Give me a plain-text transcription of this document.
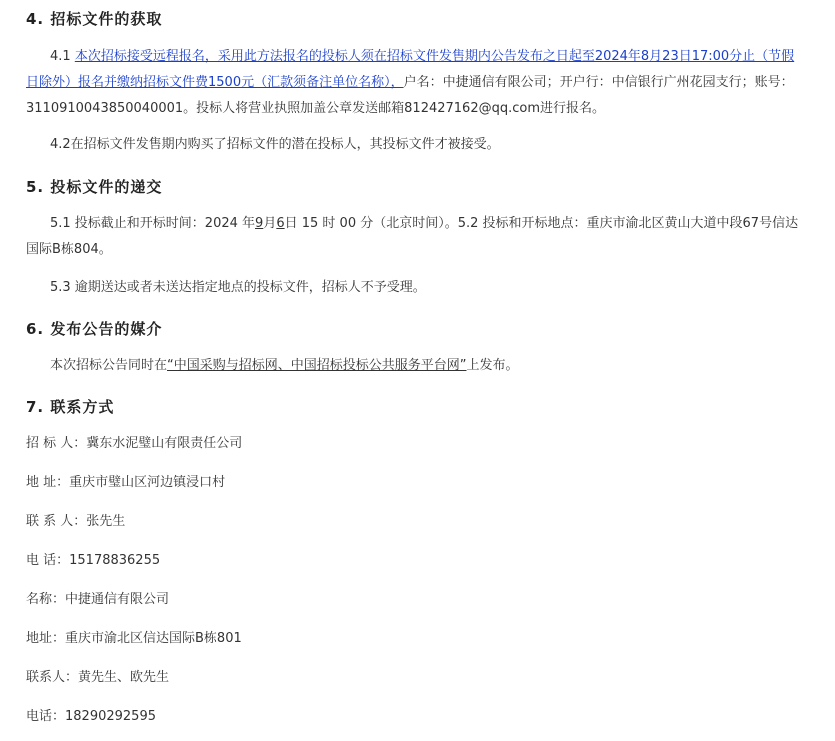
4. 招标文件的获取

4.1 本次招标接受远程报名，采用此方法报名的投标人须在招标文件发售期内公告发布之日起至2024年8月23日17:00分止（节假日除外）报名并缴纳招标文件费1500元（汇款须备注单位名称），户名：中捷通信有限公司；开户行：中信银行广州花园支行；账号： 3110910043850040001。投标人将营业执照加盖公章发送邮箱812427162@qq.com进行报名。

4.2在招标文件发售期内购买了招标文件的潜在投标人，其投标文件才被接受。

5. 投标文件的递交

5.1 投标截止和开标时间：2024 年9月6日 15 时 00 分（北京时间）。5.2 投标和开标地点：重庆市渝北区黄山大道中段67号信达国际B栋804。

5.3 逾期送达或者未送达指定地点的投标文件，招标人不予受理。

6. 发布公告的媒介

本次招标公告同时在“中国采购与招标网、中国招标投标公共服务平台网”上发布。

7. 联系方式
招 标 人：冀东水泥璧山有限责任公司
地 址：重庆市璧山区河边镇浸口村
联 系 人：张先生
电 话：15178836255
名称：中捷通信有限公司
地址：重庆市渝北区信达国际B栋801
联系人：黄先生、欧先生
电话：18290292595
